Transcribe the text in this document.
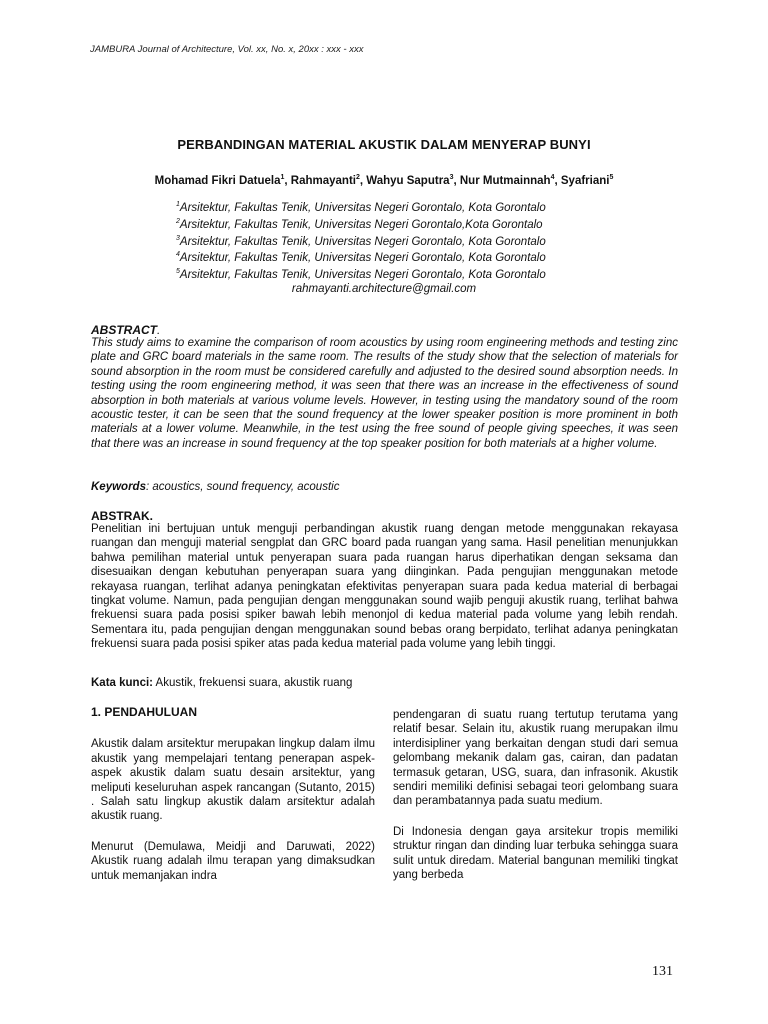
JAMBURA Journal of Architecture, Vol. xx, No. x, 20xx : xxx - xxx
PERBANDINGAN MATERIAL AKUSTIK DALAM MENYERAP BUNYI
Mohamad Fikri Datuela$^1$, Rahmayanti$^2$, Wahyu Saputra$^3$, Nur Mutmainnah$^4$, Syafriani$^5$
$^1$Arsitektur, Fakultas Tenik, Universitas Negeri Gorontalo, Kota Gorontalo
$^2$Arsitektur, Fakultas Tenik, Universitas Negeri Gorontalo,Kota Gorontalo
$^3$Arsitektur, Fakultas Tenik, Universitas Negeri Gorontalo, Kota Gorontalo
$^4$Arsitektur, Fakultas Tenik, Universitas Negeri Gorontalo, Kota Gorontalo
$^5$Arsitektur, Fakultas Tenik, Universitas Negeri Gorontalo, Kota Gorontalo
rahmayanti.architecture@gmail.com
ABSTRACT.
This study aims to examine the comparison of room acoustics by using room engineering methods and testing zinc plate and GRC board materials in the same room. The results of the study show that the selection of materials for sound absorption in the room must be considered carefully and adjusted to the desired sound absorption needs. In testing using the room engineering method, it was seen that there was an increase in the effectiveness of sound absorption in both materials at various volume levels. However, in testing using the mandatory sound of the room acoustic tester, it can be seen that the sound frequency at the lower speaker position is more prominent in both materials at a lower volume. Meanwhile, in the test using the free sound of people giving speeches, it was seen that there was an increase in sound frequency at the top speaker position for both materials at a higher volume.
Keywords: acoustics, sound frequency, acoustic
ABSTRAK.
Penelitian ini bertujuan untuk menguji perbandingan akustik ruang dengan metode menggunakan rekayasa ruangan dan menguji material sengplat dan GRC board pada ruangan yang sama. Hasil penelitian menunjukkan bahwa pemilihan material untuk penyerapan suara pada ruangan harus diperhatikan dengan seksama dan disesuaikan dengan kebutuhan penyerapan suara yang diinginkan. Pada pengujian menggunakan metode rekayasa ruangan, terlihat adanya peningkatan efektivitas penyerapan suara pada kedua material di berbagai tingkat volume. Namun, pada pengujian dengan menggunakan sound wajib penguji akustik ruang, terlihat bahwa frekuensi suara pada posisi spiker bawah lebih menonjol di kedua material pada volume yang lebih rendah. Sementara itu, pada pengujian dengan menggunakan sound bebas orang berpidato, terlihat adanya peningkatan frekuensi suara pada posisi spiker atas pada kedua material pada volume yang lebih tinggi.
Kata kunci: Akustik, frekuensi suara, akustik ruang
1. PENDAHULUAN

Akustik dalam arsitektur merupakan lingkup dalam ilmu akustik yang mempelajari tentang penerapan aspek-aspek akustik dalam suatu desain arsitektur, yang meliputi keseluruhan aspek rancangan (Sutanto, 2015) . Salah satu lingkup akustik dalam arsitektur adalah akustik ruang.

Menurut (Demulawa, Meidji and Daruwati, 2022) Akustik ruang adalah ilmu terapan yang dimaksudkan untuk memanjakan indra

pendengaran di suatu ruang tertutup terutama yang relatif besar. Selain itu, akustik ruang merupakan ilmu interdisipliner yang berkaitan dengan studi dari semua gelombang mekanik dalam gas, cairan, dan padatan termasuk getaran, USG, suara, dan infrasonik. Akustik sendiri memiliki definisi sebagai teori gelombang suara dan perambatannya pada suatu medium.

Di Indonesia dengan gaya arsitekur tropis memiliki struktur ringan dan dinding luar terbuka sehingga suara sulit untuk diredam. Material bangunan memiliki tingkat yang berbeda

131
